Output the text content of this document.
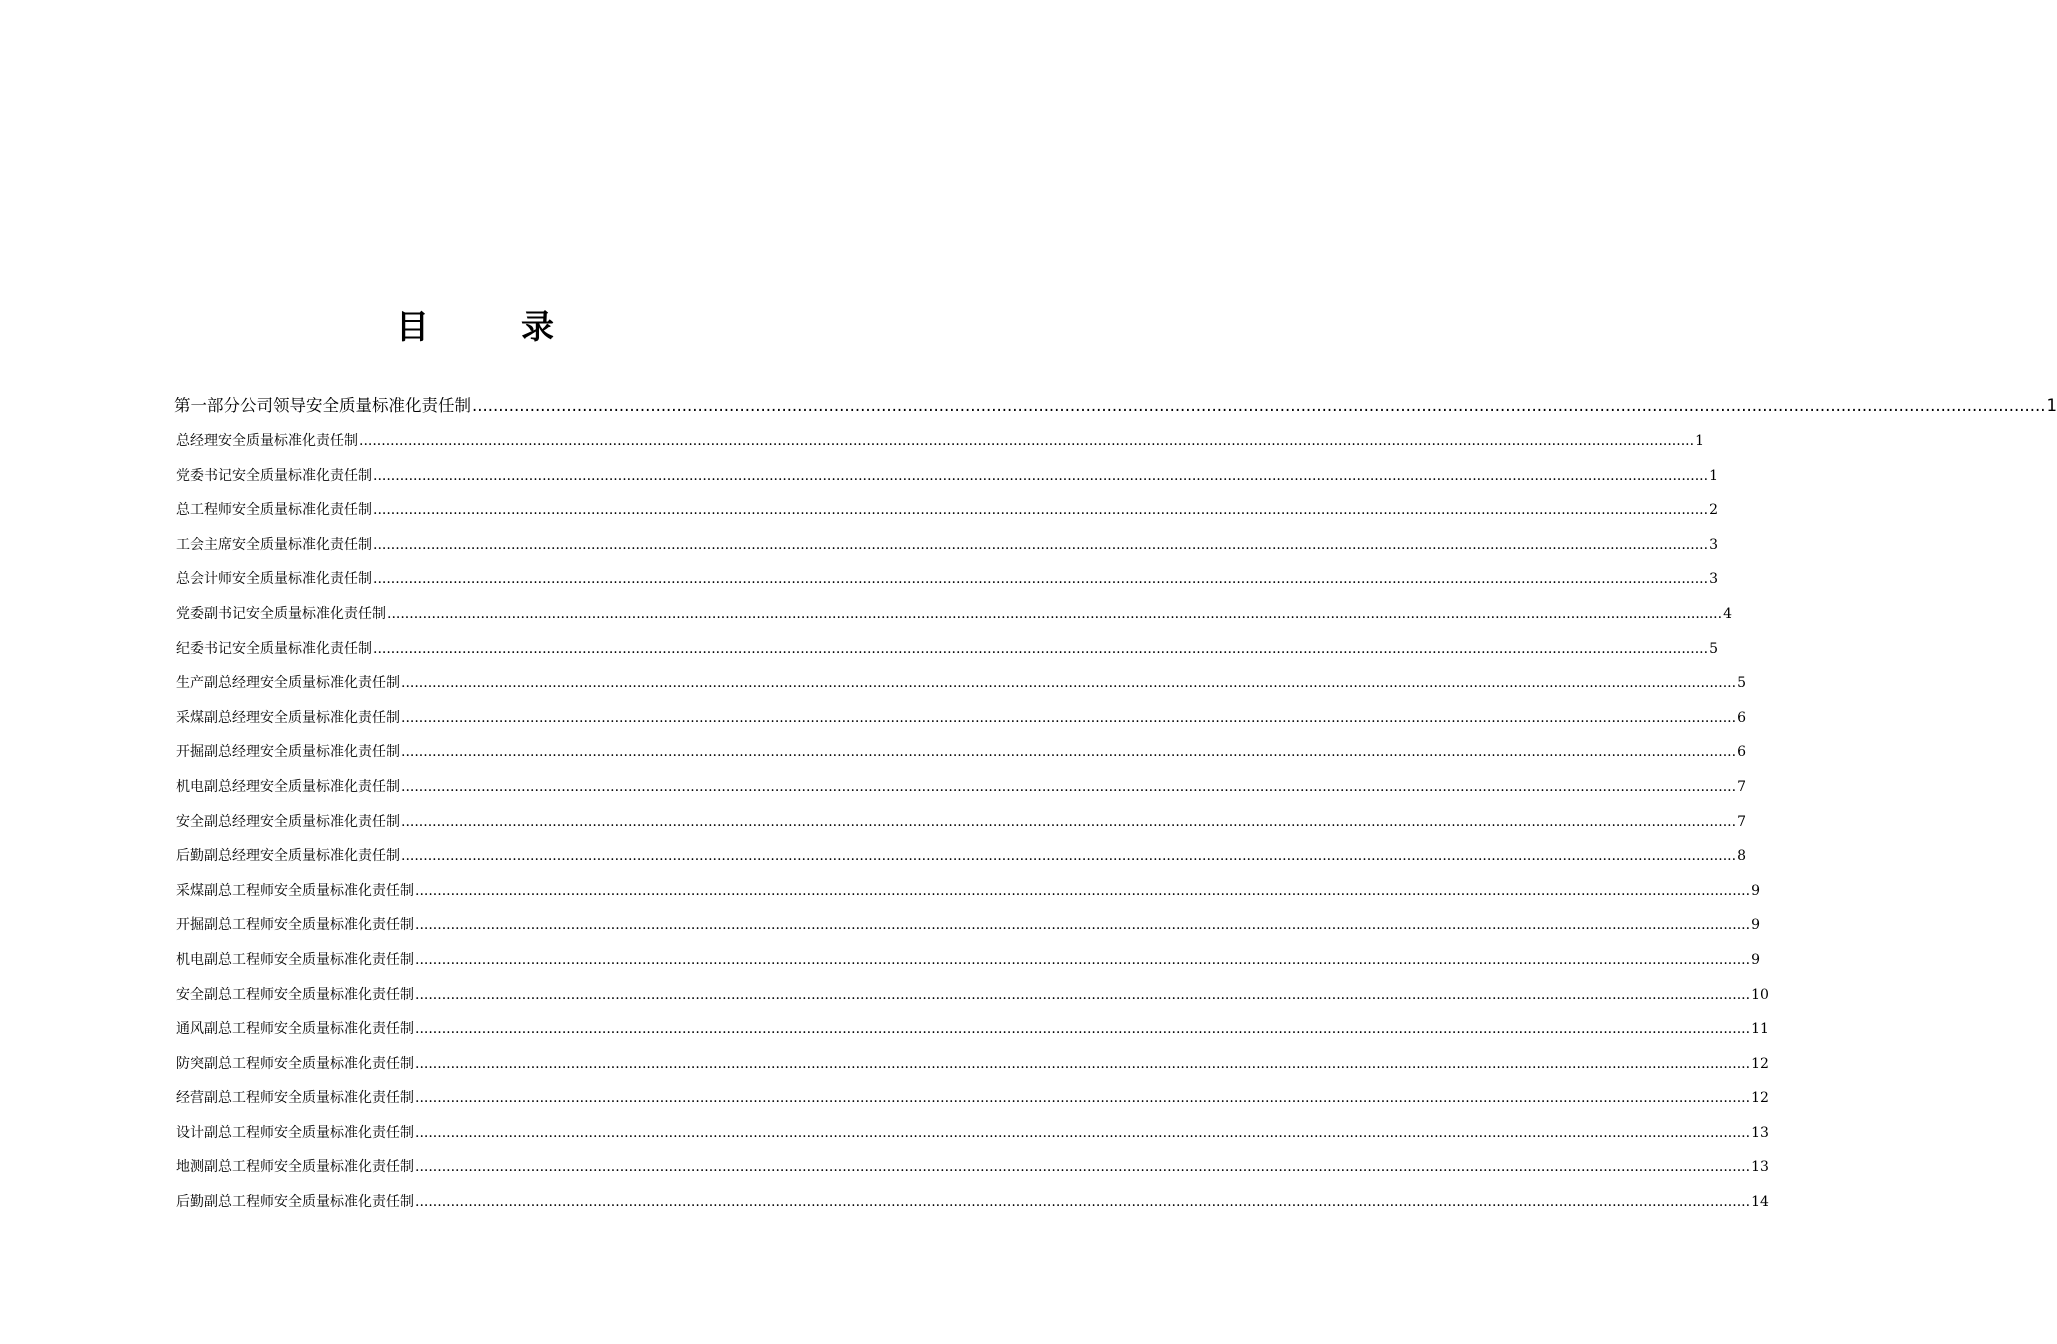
目	录
第一部分 公司领导安全质量标准化责任制 ............................................................................................................................................................................................................................................................................................................ 1
总经理安全质量标准化责任制 ............................................................................................................................................................................................................................................................................................................ 1
党委书记安全质量标准化责任制 ............................................................................................................................................................................................................................................................................................................ 1
总工程师安全质量标准化责任制 ............................................................................................................................................................................................................................................................................................................ 2
工会主席安全质量标准化责任制 ............................................................................................................................................................................................................................................................................................................ 3
总会计师安全质量标准化责任制 ............................................................................................................................................................................................................................................................................................................ 3
党委副书记安全质量标准化责任制 ............................................................................................................................................................................................................................................................................................................ 4
纪委书记安全质量标准化责任制 ............................................................................................................................................................................................................................................................................................................ 5
生产副总经理安全质量标准化责任制 ............................................................................................................................................................................................................................................................................................................ 5
采煤副总经理安全质量标准化责任制 ............................................................................................................................................................................................................................................................................................................ 6
开掘副总经理安全质量标准化责任制 ............................................................................................................................................................................................................................................................................................................ 6
机电副总经理安全质量标准化责任制 ............................................................................................................................................................................................................................................................................................................ 7
安全副总经理安全质量标准化责任制 ............................................................................................................................................................................................................................................................................................................ 7
后勤副总经理安全质量标准化责任制 ............................................................................................................................................................................................................................................................................................................ 8
采煤副总工程师安全质量标准化责任制 ............................................................................................................................................................................................................................................................................................................ 9
开掘副总工程师安全质量标准化责任制 ............................................................................................................................................................................................................................................................................................................ 9
机电副总工程师安全质量标准化责任制 ............................................................................................................................................................................................................................................................................................................ 9
安全副总工程师安全质量标准化责任制 ............................................................................................................................................................................................................................................................................................................ 10
通风副总工程师安全质量标准化责任制 ............................................................................................................................................................................................................................................................................................................ 11
防突副总工程师安全质量标准化责任制 ............................................................................................................................................................................................................................................................................................................ 12
经营副总工程师安全质量标准化责任制 ............................................................................................................................................................................................................................................................................................................ 12
设计副总工程师安全质量标准化责任制 ............................................................................................................................................................................................................................................................................................................ 13
地测副总工程师安全质量标准化责任制 ............................................................................................................................................................................................................................................................................................................ 13
后勤副总工程师安全质量标准化责任制 ............................................................................................................................................................................................................................................................................................................ 14
